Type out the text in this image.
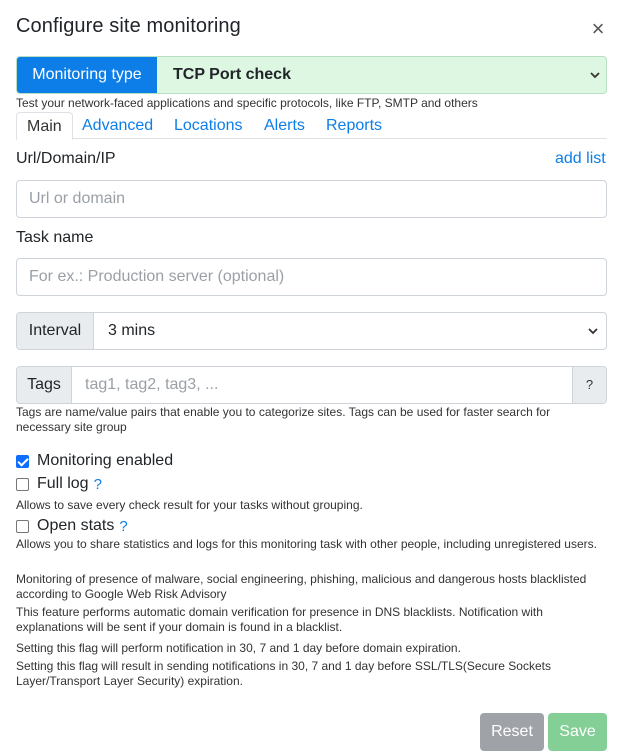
Configure site monitoring	×
Monitoring type	TCP Port check
Test your network-faced applications and specific protocols, like FTP, SMTP and others
Main	Advanced Locations Alerts Reports
Url/Domain/IP	add list
Url or domain
Task name
For ex.: Production server (optional)
Interval	3 mins
Tags	tag1, tag2, tag3, ...	?
Tags are name/value pairs that enable you to categorize sites. Tags can be used for faster search for necessary site group
Monitoring enabled
Full log ?
Allows to save every check result for your tasks without grouping.
Open stats ?
Allows you to share statistics and logs for this monitoring task with other people, including unregistered users.
Monitoring of presence of malware, social engineering, phishing, malicious and dangerous hosts blacklisted according to Google Web Risk Advisory
This feature performs automatic domain verification for presence in DNS blacklists. Notification with explanations will be sent if your domain is found in a blacklist.
Setting this flag will perform notification in 30, 7 and 1 day before domain expiration.
Setting this flag will result in sending notifications in 30, 7 and 1 day before SSL/TLS(Secure Sockets Layer/Transport Layer Security) expiration.
Reset	Save
